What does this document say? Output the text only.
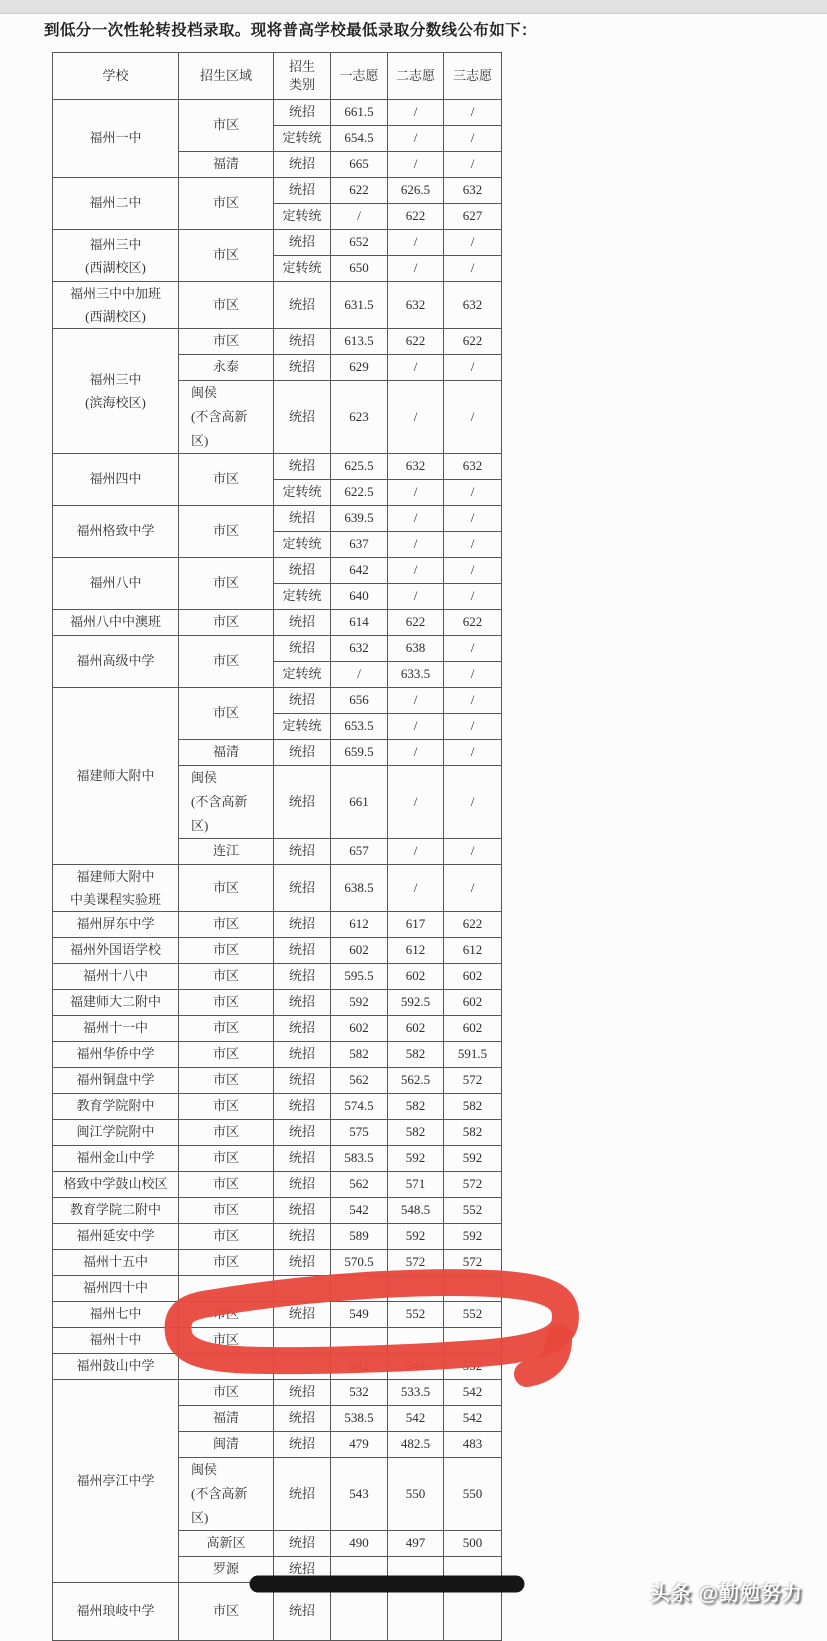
到低分一次性轮转投档录取。现将普高学校最低录取分数线公布如下：
学校	招生区域	招生
类别	一志愿	二志愿	三志愿
福州一中	市区	统招	661.5	/	/
		定转统	654.5	/	/
	福清	统招	665	/	/
福州二中	市区	统招	622	626.5	632
		定转统	/	622	627
福州三中
(西湖校区)	市区	统招	652	/	/
		定转统	650	/	/
福州三中中加班
(西湖校区)	市区	统招	631.5	632	632
福州三中
(滨海校区)	市区	统招	613.5	622	622
	永泰	统招	629	/	/
	闽侯
(不含高新
区)	统招	623	/	/
福州四中	市区	统招	625.5	632	632
		定转统	622.5	/	/
福州格致中学	市区	统招	639.5	/	/
		定转统	637	/	/
福州八中	市区	统招	642	/	/
		定转统	640	/	/
福州八中中澳班	市区	统招	614	622	622
福州高级中学	市区	统招	632	638	/
		定转统	/	633.5	/
福建师大附中	市区	统招	656	/	/
		定转统	653.5	/	/
	福清	统招	659.5	/	/
	闽侯
(不含高新
区)	统招	661	/	/
	连江	统招	657	/	/
福建师大附中
中美课程实验班	市区	统招	638.5	/	/
福州屏东中学	市区	统招	612	617	622
福州外国语学校	市区	统招	602	612	612
福州十八中	市区	统招	595.5	602	602
福建师大二附中	市区	统招	592	592.5	602
福州十一中	市区	统招	602	602	602
福州华侨中学	市区	统招	582	582	591.5
福州铜盘中学	市区	统招	562	562.5	572
教育学院附中	市区	统招	574.5	582	582
闽江学院附中	市区	统招	575	582	582
福州金山中学	市区	统招	583.5	592	592
格致中学鼓山校区	市区	统招	562	571	572
教育学院二附中	市区	统招	542	548.5	552
福州延安中学	市区	统招	589	592	592
福州十五中	市区	统招	570.5	572	572
福州四十中					
福州七中	市区	统招	549	552	552
福州十中	市区				
福州鼓山中学			542	549	552
福州亭江中学	市区	统招	532	533.5	542
	福清	统招	538.5	542	542
	闽清	统招	479	482.5	483
	闽侯
(不含高新
区)	统招	543	550	550
	高新区	统招	490	497	500
	罗源	统招			
福州琅岐中学	市区	统招			
头条 @勤勉努力
